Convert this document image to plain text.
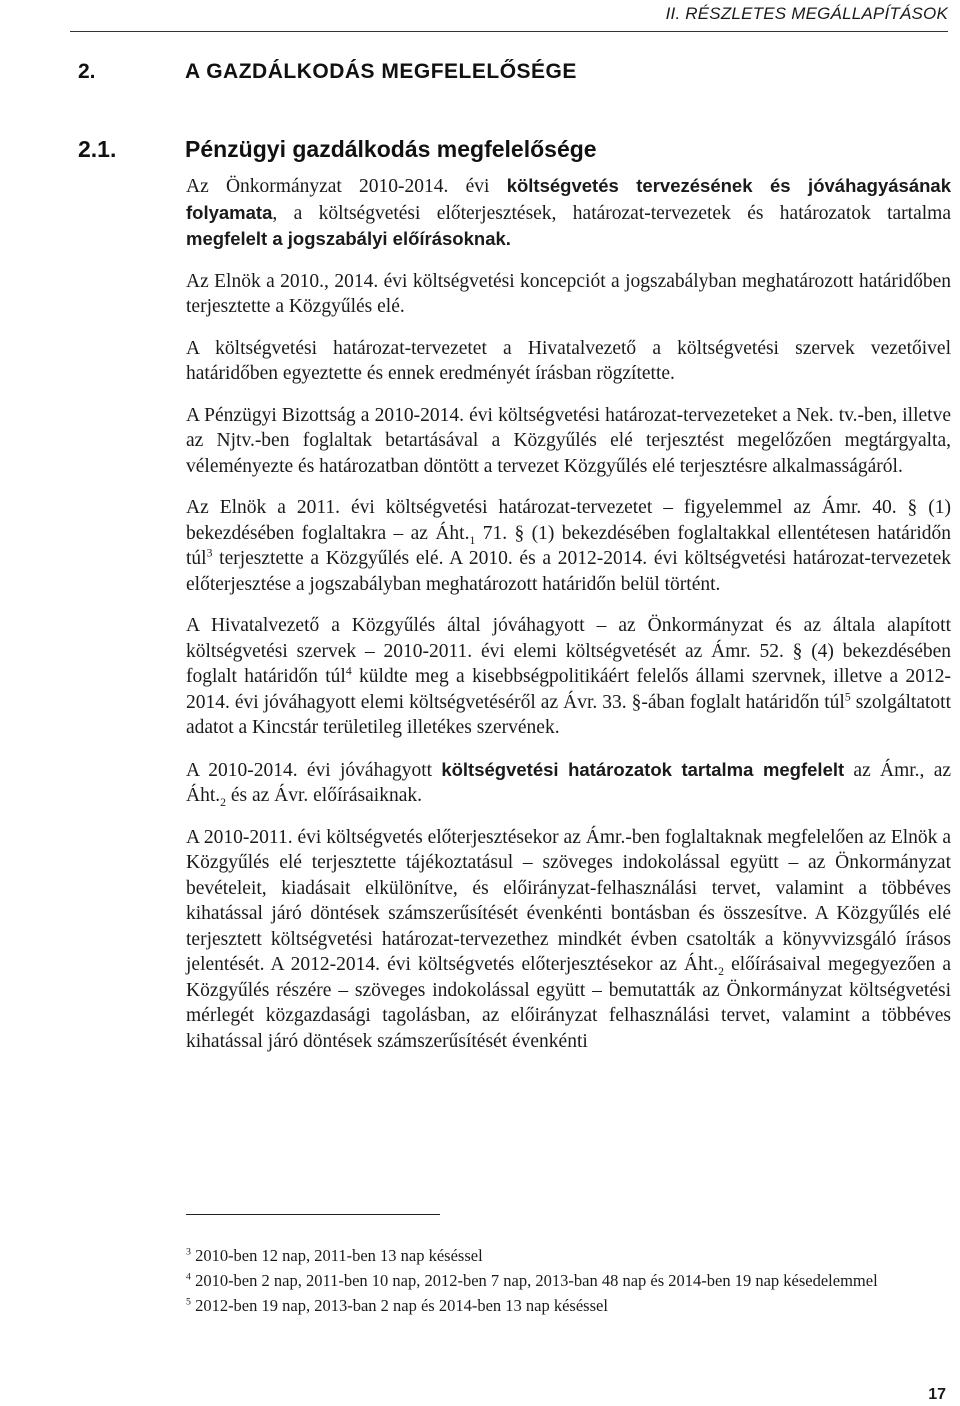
II. RÉSZLETES MEGÁLLAPÍTÁSOK
2.	A GAZDÁLKODÁS MEGFELELŐSÉGE
2.1.	Pénzügyi gazdálkodás megfelelősége

Az Önkormányzat 2010-2014. évi költségvetés tervezésének és jóváhagyásának folyamata, a költségvetési előterjesztések, határozat-tervezetek és határozatok tartalma megfelelt a jogszabályi előírásoknak.

Az Elnök a 2010., 2014. évi költségvetési koncepciót a jogszabályban meghatározott határidőben terjesztette a Közgyűlés elé.

A költségvetési határozat-tervezetet a Hivatalvezető a költségvetési szervek vezetőivel határidőben egyeztette és ennek eredményét írásban rögzítette.

A Pénzügyi Bizottság a 2010-2014. évi költségvetési határozat-tervezeteket a Nek. tv.-ben, illetve az Njtv.-ben foglaltak betartásával a Közgyűlés elé terjesztést megelőzően megtárgyalta, véleményezte és határozatban döntött a tervezet Közgyűlés elé terjesztésre alkalmasságáról.

Az Elnök a 2011. évi költségvetési határozat-tervezetet – figyelemmel az Ámr. 40. § (1) bekezdésében foglaltakra – az $Áht._1$ 71. § (1) bekezdésében foglaltakkal ellentétesen határidőn túl$^3$ terjesztette a Közgyűlés elé. A 2010. és a 2012-2014. évi költségvetési határozat-tervezetek előterjesztése a jogszabályban meghatározott határidőn belül történt.

A Hivatalvezető a Közgyűlés által jóváhagyott – az Önkormányzat és az általa alapított költségvetési szervek – 2010-2011. évi elemi költségvetését az Ámr. 52. § (4) bekezdésében foglalt határidőn túl$^4$ küldte meg a kisebbségpolitikáért felelős állami szervnek, illetve a 2012-2014. évi jóváhagyott elemi költségvetéséről az Ávr. 33. §-ában foglalt határidőn túl$^5$ szolgáltatott adatot a Kincstár területileg illetékes szervének.

A 2010-2014. évi jóváhagyott költségvetési határozatok tartalma megfelelt az Ámr., az $Áht._2$ és az Ávr. előírásaiknak.

A 2010-2011. évi költségvetés előterjesztésekor az Ámr.-ben foglaltaknak megfelelően az Elnök a Közgyűlés elé terjesztette tájékoztatásul – szöveges indokolással együtt – az Önkormányzat bevételeit, kiadásait elkülönítve, és előirányzat-felhasználási tervet, valamint a többéves kihatással járó döntések számszerűsítését évenkénti bontásban és összesítve. A Közgyűlés elé terjesztett költségvetési határozat-tervezethez mindkét évben csatolták a könyvvizsgáló írásos jelentését. A 2012-2014. évi költségvetés előterjesztésekor az $Áht._2$ előírásaival megegyezően a Közgyűlés részére – szöveges indokolással együtt – bemutatták az Önkormányzat költségvetési mérlegét közgazdasági tagolásban, az előirányzat felhasználási tervet, valamint a többéves kihatással járó döntések számszerűsítését évenkénti

$^3$ 2010-ben 12 nap, 2011-ben 13 nap késéssel
$^4$ 2010-ben 2 nap, 2011-ben 10 nap, 2012-ben 7 nap, 2013-ban 48 nap és 2014-ben 19 nap késedelemmel
$^5$ 2012-ben 19 nap, 2013-ban 2 nap és 2014-ben 13 nap késéssel
17
